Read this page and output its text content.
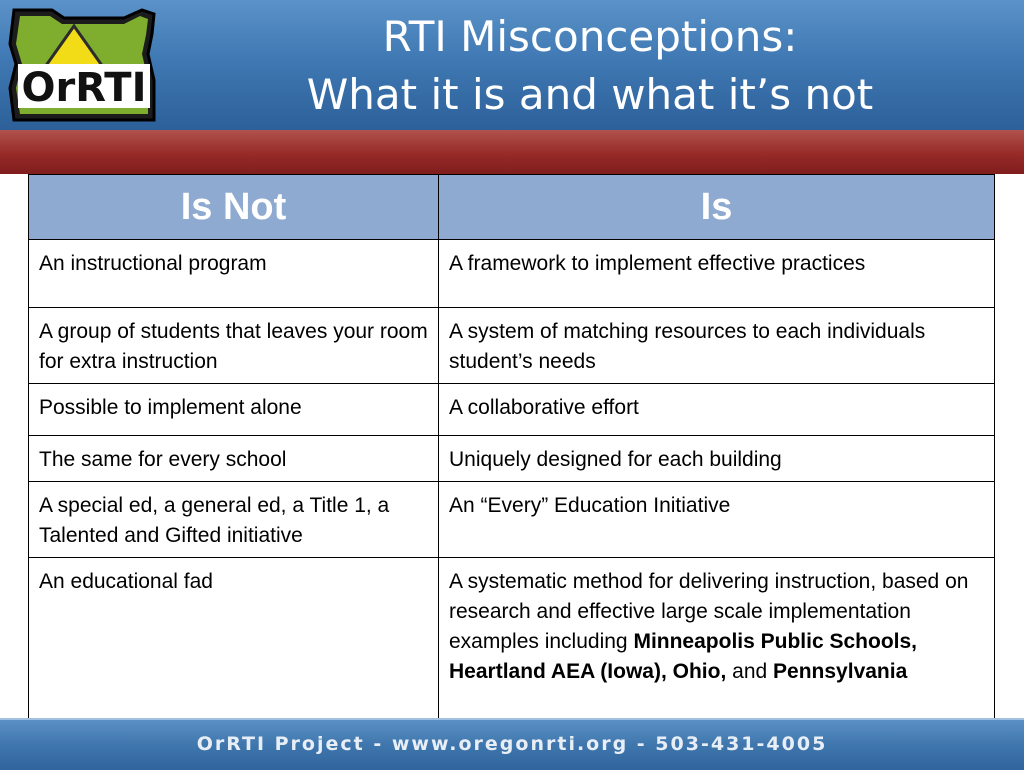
OrRTI
RTI Misconceptions:
What it is and what it’s not
Is Not	Is
An instructional program	A framework to implement effective practices
A group of students that leaves your room for extra instruction	A system of matching resources to each individuals student’s needs
Possible to implement alone	A collaborative effort
The same for every school	Uniquely designed for each building
A special ed, a general ed, a Title 1, a Talented and Gifted initiative	An “Every” Education Initiative
An educational fad	A systematic method for delivering instruction, based on research and effective large scale implementation examples including Minneapolis Public Schools, Heartland AEA (Iowa), Ohio, and Pennsylvania
OrRTI Project - www.oregonrti.org - 503-431-4005
